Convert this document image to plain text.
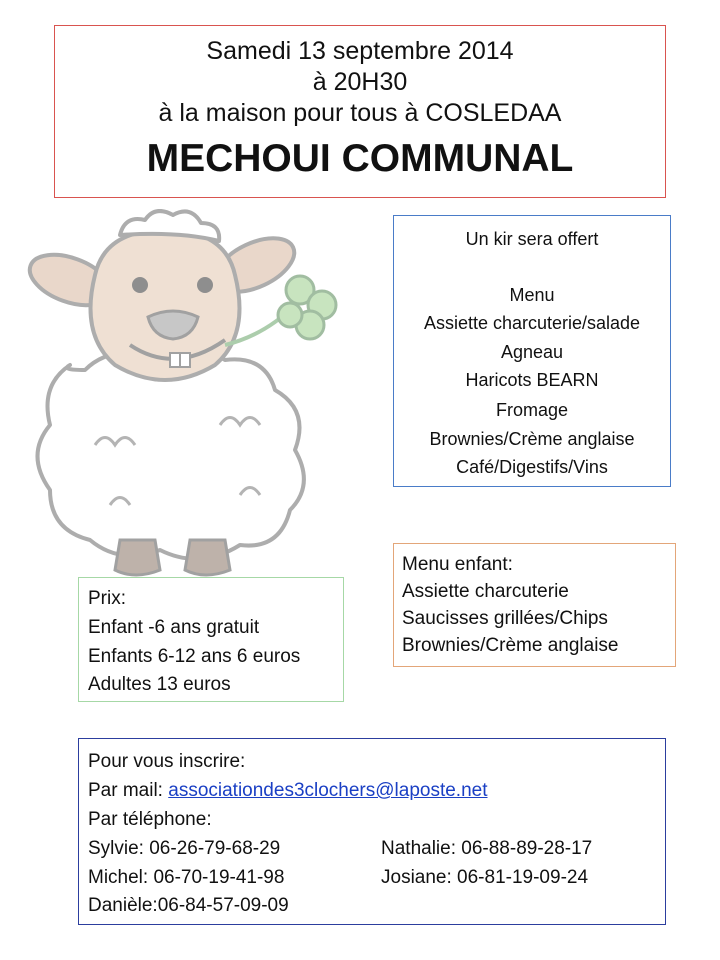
Samedi 13 septembre 2014
à 20H30
à la maison pour tous à COSLEDAA
MECHOUI COMMUNAL
Un kir sera offert
Menu
Assiette charcuterie/salade
Agneau
Haricots BEARN
Fromage
Brownies/Crème anglaise
Café/Digestifs/Vins
Menu enfant:
Assiette charcuterie
Saucisses grillées/Chips
Brownies/Crème anglaise
Prix:
Enfant -6 ans gratuit
Enfants 6-12 ans 6 euros
Adultes 13 euros
Pour vous inscrire:
Par mail: associationdes3clochers@laposte.net
Par téléphone:
Sylvie: 06-26-79-68-29	Nathalie: 06-88-89-28-17
Michel: 06-70-19-41-98	Josiane: 06-81-19-09-24
Danièle:06-84-57-09-09
